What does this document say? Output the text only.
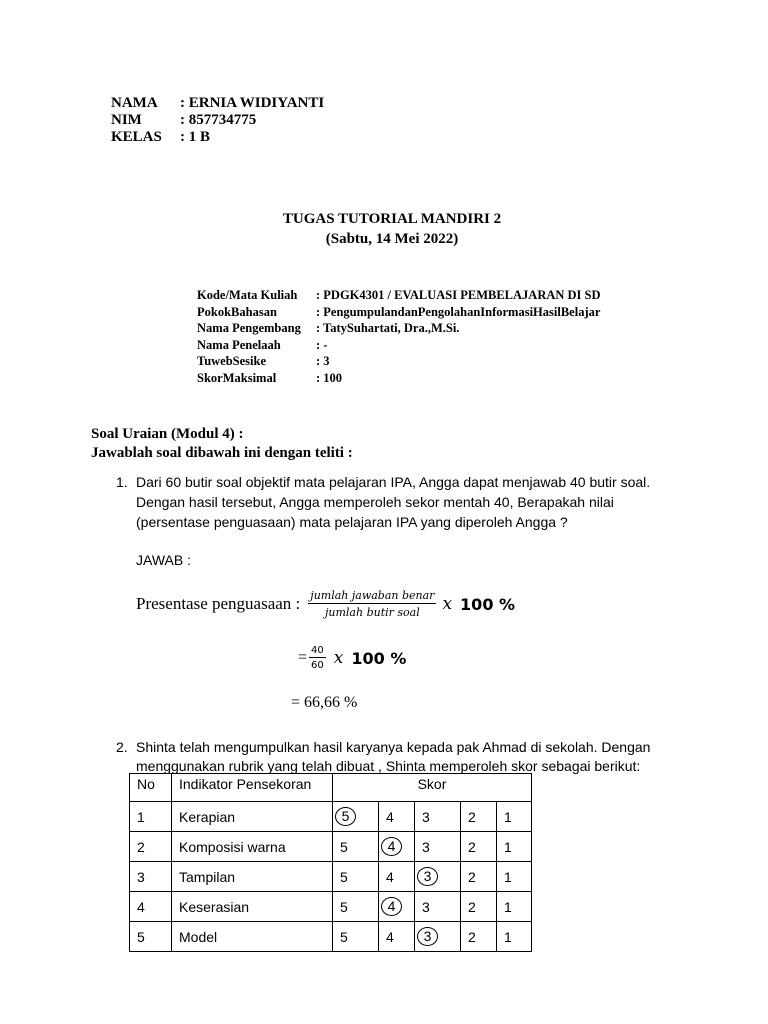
NAMA	: ERNIA WIDIYANTI
NIM	: 857734775
KELAS	: 1 B
TUGAS TUTORIAL MANDIRI 2
(Sabtu, 14 Mei 2022)
Kode/Mata Kuliah	: PDGK4301 / EVALUASI PEMBELAJARAN DI SD
PokokBahasan	: PengumpulandanPengolahanInformasiHasilBelajar
Nama Pengembang	: TatySuhartati, Dra.,M.Si.
Nama Penelaah	: -
TuwebSesike	: 3
SkorMaksimal	: 100
Soal Uraian (Modul 4) :
Jawablah soal dibawah ini dengan teliti :
1. Dari 60 butir soal objektif mata pelajaran IPA, Angga dapat menjawab 40 butir soal.
Dengan hasil tersebut, Angga memperoleh sekor mentah 40, Berapakah nilai
(persentase penguasaan) mata pelajaran IPA yang diperoleh Angga ?
JAWAB :
Presentase penguasaan : $\frac{\text{jumlah jawaban benar}}{\text{jumlah butir soal}}$ x 100 %
= $\frac{40}{60}$ x 100 %
= 66,66 %
2. Shinta telah mengumpulkan hasil karyanya kepada pak Ahmad di sekolah. Dengan
menggunakan rubrik yang telah dibuat , Shinta memperoleh skor sebagai berikut:
No	Indikator Pensekoran	Skor				
1	Kerapian	5	4	3	2	1
2	Komposisi warna	5	4	3	2	1
3	Tampilan	5	4	3	2	1
4	Keserasian	5	4	3	2	1
5	Model	5	4	3	2	1
